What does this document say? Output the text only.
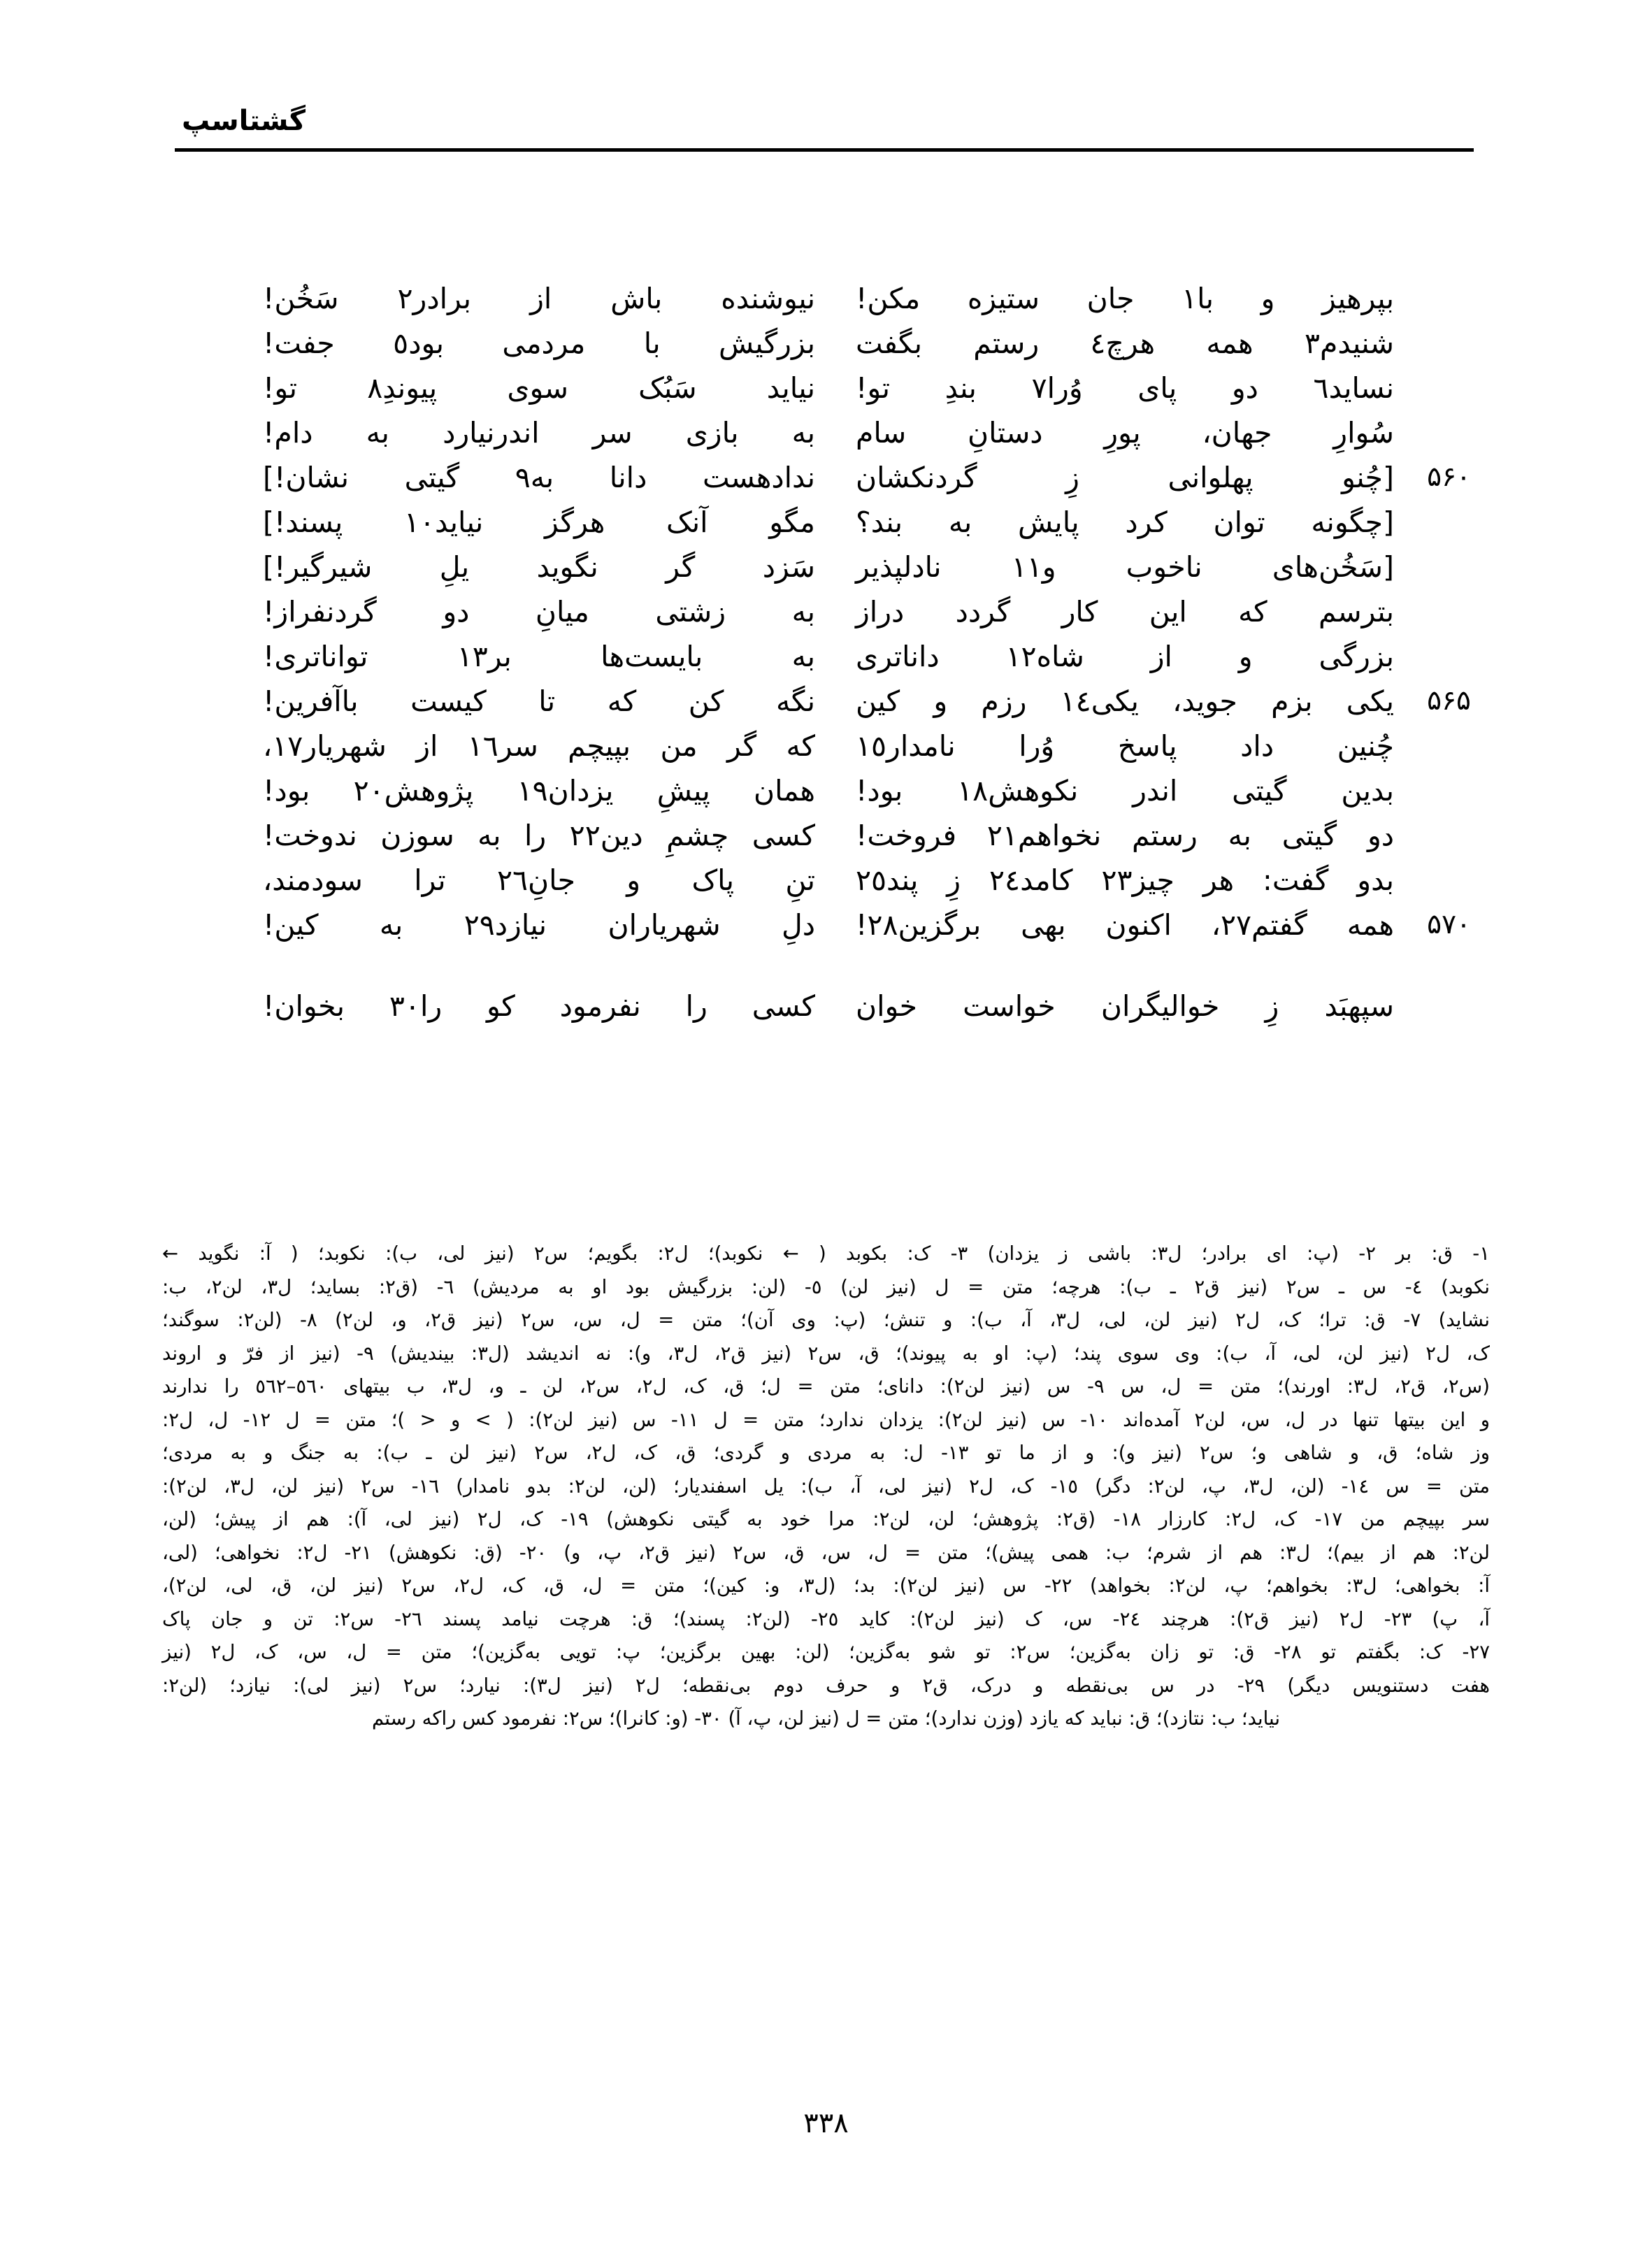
گشتاسپ
بپرهیز و با١ جان ستیزه مکن!
نیوشنده باش از برادر٢ سَخُن!
شنیدم٣ همه هرچ٤ رستم بگفت
بزرگیش با مردمی بود٥ جفت!
نساید٦ دو پای وُرا٧ بندِ تو!
نیاید سَبُک سوی پیوندِ٨ تو!
سُوارِ جهان، پورِ دستانِ سام
به بازی سر اندرنیارد به دام!
۵۶۰
[چُنو پهلوانی زِ گردنکشان
ندادهست دانا به٩ گیتی نشان!]
[چگونه توان کرد پایش به بند؟
مگو آنک هرگز نیاید١٠ پسند!]
[سَخُن‌های ناخوب و١١ نادلپذیر
سَزد گر نگوید یلِ شیرگیر!]
بترسم که این کار گردد دراز
به زشتی میانِ دو گردنفراز!
بزرگی و از شاه١٢ داناتری
به بایست‌ها بر١٣ تواناتری!
۵۶۵
یکی بزم جوید، یکی١٤ رزم و کین
نگه کن که تا کیست باآفرین!
چُنین داد پاسخ وُرا نامدار١٥
که گر من بپیچم سر١٦ از شهریار١٧،
بدین گیتی اندر نکوهش١٨ بود!
همان پیشِ یزدان١٩ پژوهش٢٠ بود!
دو گیتی به رستم نخواهم٢١ فروخت!
کسی چشمِ دین٢٢ را به سوزن ندوخت!
بدو گفت: هر چیز٢٣ کامد٢٤ زِ پند٢٥
تنِ پاک و جانِ٢٦ ترا سودمند،
۵۷۰
همه گفتم٢٧، اکنون بهی برگزین٢٨!
دلِ شهریاران نیازد٢٩ به کین!
سپهبَد زِ خوالیگران خواست خوان
کسی را نفرمود کو را٣٠ بخوان!

١- ق: بر ٢- (پ: ای برادر؛ ل٣: باشی ز یزدان) ٣- ک: بکوبد ( ← نکوبد)؛ ل٢: بگویم؛ س٢ (نیز لی، ب): نکوبد؛ ( آ: نگوید ←

نکوبد) ٤- س ـ س٢ (نیز ق٢ ـ ب): هرچه؛ متن = ل (نیز لن) ٥- (لن: بزرگیش بود او به مردیش) ٦- (ق٢: بساید؛ ل٣، لن٢، ب:

نشاید) ٧- ق: ترا؛ ک، ل٢ (نیز لن، لی، ل٣، آ، ب): و تنش؛ (پ: وی آن)؛ متن = ل، س، س٢ (نیز ق٢، و، لن٢) ٨- (لن٢: سوگند؛

ک، ل٢ (نیز لن، لی، آ، ب): وی سوی پند؛ (پ: او به پیوند)؛ ق، س٢ (نیز ق٢، ل٣، و): نه اندیشد (ل٣: بیندیش) ٩- (نیز از فرّ و اروند

(س٢، ق٢، ل٣: اورند)؛ متن = ل، س ٩- س (نیز لن٢): دانای؛ متن = ل؛ ق، ک، ل٢، س٢، لن ـ و، ل٣، ب بیتهای ٥٦٠–٥٦٢ را ندارند

و این بیتها تنها در ل، س، لن٢ آمده‌اند ١٠- س (نیز لن٢): یزدان ندارد؛ متن = ل ١١- س (نیز لن٢): ( > و < )؛ متن = ل ١٢- ل، ل٢:

وز شاه؛ ق، و شاهی و؛ س٢ (نیز و): و از ما تو ١٣- ل: به مردی و گردی؛ ق، ک، ل٢، س٢ (نیز لن ـ ب): به جنگ و به مردی؛

متن = س ١٤- (لن، ل٣، پ، لن٢: دگر) ١٥- ک، ل٢ (نیز لی، آ، ب): یل اسفندیار؛ (لن، لن٢: بدو نامدار) ١٦- س٢ (نیز لن، ل٣، لن٢):

سر بپیچم من ١٧- ک، ل٢: کارزار ١٨- (ق٢: پژوهش؛ لن، لن٢: مرا خود به گیتی نکوهش) ١٩- ک، ل٢ (نیز لی، آ): هم از پیش؛ (لن،

لن٢: هم از بیم)؛ ل٣: هم از شرم؛ ب: همی پیش)؛ متن = ل، س، ق، س٢ (نیز ق٢، پ، و) ٢٠- (ق: نکوهش) ٢١- ل٢: نخواهی؛ (لی،

آ: بخواهی؛ ل٣: بخواهم؛ پ، لن٢: بخواهد) ٢٢- س (نیز لن٢): بد؛ (ل٣، و: کین)؛ متن = ل، ق، ک، ل٢، س٢ (نیز لن، ق، لی، لن٢)،

آ، پ) ٢٣- ل٢ (نیز ق٢): هرچند ٢٤- س، ک (نیز لن٢): کاید ٢٥- (لن٢: پسند)؛ ق: هرچت نیامد پسند ٢٦- س٢: تن و جان پاک

٢٧- ک: بگفتم تو ٢٨- ق: تو زان به‌گزین؛ س٢: تو شو به‌گزین؛ (لن: بهین برگزین؛ پ: تویی به‌گزین)؛ متن = ل، س، ک، ل٢ (نیز

هفت دستنویس دیگر) ٢٩- در س بی‌نقطه و درک، ق٢ و حرف دوم بی‌نقطه؛ ل٢ (نیز ل٣): نیارد؛ س٢ (نیز لی): نیازد؛ (لن٢:

نیاید؛ ب: نتازد)؛ ق: نباید که یازد (وزن ندارد)؛ متن = ل (نیز لن، پ، آ) ٣٠- (و: کانرا)؛ س٢: نفرمود کس راکه رستم

۳۳۸
